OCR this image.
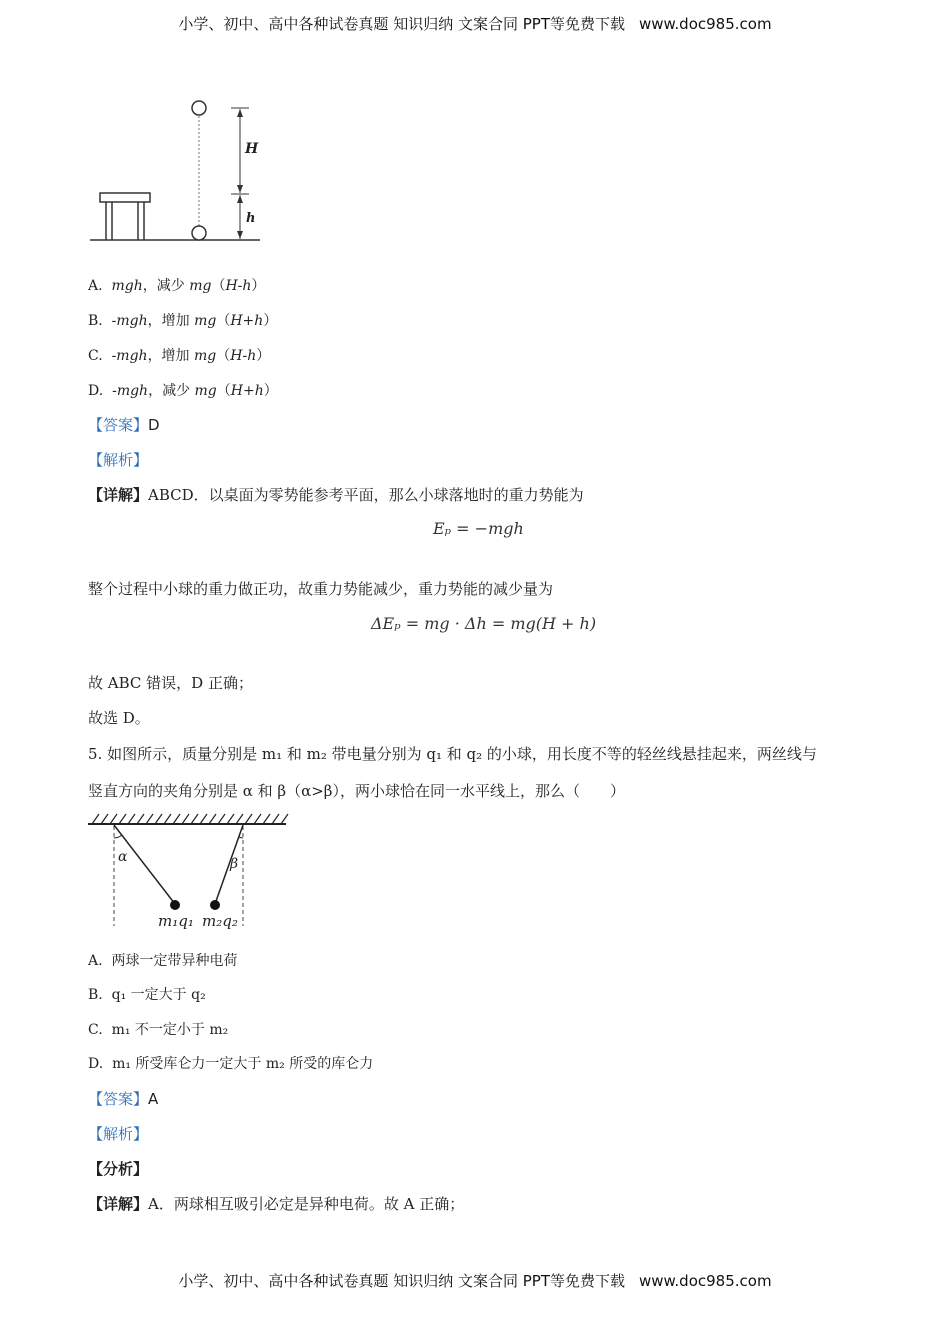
小学、初中、高中各种试卷真题 知识归纳 文案合同 PPT等免费下载 www.doc985.com
H
h
A. mgh，减少 mg（H-h）
B. -mgh，增加 mg（H+h）
C. -mgh，增加 mg（H-h）
D. -mgh，减少 mg（H+h）
【答案】D
【解析】
【详解】ABCD．以桌面为零势能参考平面，那么小球落地时的重力势能为
Eₚ = −mgh
整个过程中小球的重力做正功，故重力势能减少，重力势能的减少量为
ΔEₚ = mg · Δh = mg(H + h)
故 ABC 错误，D 正确；
故选 D。
5. 如图所示，质量分别是 m₁ 和 m₂ 带电量分别为 q₁ 和 q₂ 的小球，用长度不等的轻丝线悬挂起来，两丝线与
竖直方向的夹角分别是 α 和 β（α>β），两小球恰在同一水平线上，那么（　　）
α	β
m₁q₁ m₂q₂
A. 两球一定带异种电荷
B. q₁ 一定大于 q₂
C. m₁ 不一定小于 m₂
D. m₁ 所受库仑力一定大于 m₂ 所受的库仑力
【答案】A
【解析】
【分析】
【详解】A．两球相互吸引必定是异种电荷。故 A 正确；
小学、初中、高中各种试卷真题 知识归纳 文案合同 PPT等免费下载 www.doc985.com
